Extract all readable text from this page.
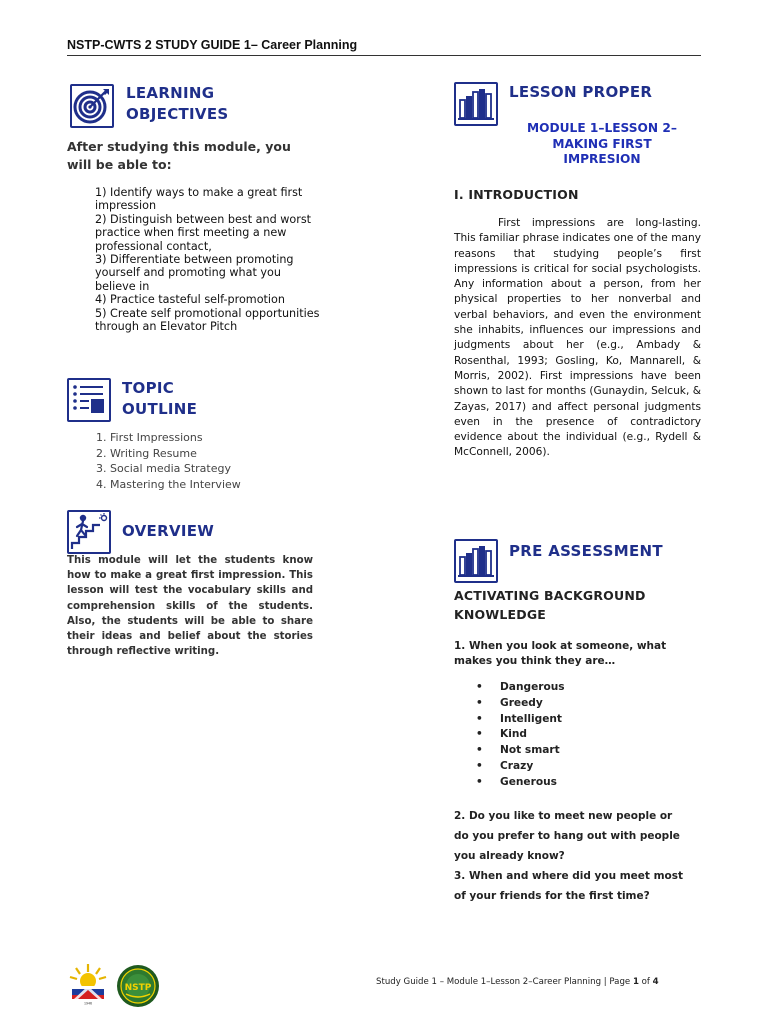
NSTP-CWTS 2 STUDY GUIDE 1– Career Planning
LEARNING
OBJECTIVES
After studying this module, you
will be able to:
1) Identify ways to make a great first impression
2) Distinguish between best and worst practice when first meeting a new professional contact,
3) Differentiate between promoting yourself and promoting what you believe in
4) Practice tasteful self-promotion
5) Create self promotional opportunities through an Elevator Pitch
TOPIC
OUTLINE
1. First Impressions
2. Writing Resume
3. Social media Strategy
4. Mastering the Interview
OVERVIEW

This module will let the students know how to make a great first impression. This lesson will test the vocabulary skills and comprehension skills of the students. Also, the students will be able to share their ideas and belief about the stories through reflective writing.

LESSON PROPER
MODULE 1–LESSON 2–
MAKING FIRST
IMPRESION
I. INTRODUCTION

First impressions are long-lasting. This familiar phrase indicates one of the many reasons that studying people’s first impressions is critical for social psychologists. Any information about a person, from her physical properties to her nonverbal and verbal behaviors, and even the environment she inhabits, influences our impressions and judgments about her (e.g., Ambady & Rosenthal, 1993; Gosling, Ko, Mannarell, & Morris, 2002). First impressions have been shown to last for months (Gunaydin, Selcuk, & Zayas, 2017) and affect personal judgments even in the presence of contradictory evidence about the individual (e.g., Rydell & McConnell, 2006).

PRE ASSESSMENT
ACTIVATING BACKGROUND
KNOWLEDGE
1. When you look at someone, what
makes you think they are…
• Dangerous
• Greedy
• Intelligent
• Kind
• Not smart
• Crazy
• Generous
2. Do you like to meet new people or
do you prefer to hang out with people
you already know?
3. When and where did you meet most
of your friends for the first time?
1946
NSTP
Study Guide 1 – Module 1–Lesson 2–Career Planning | Page 1 of 4
